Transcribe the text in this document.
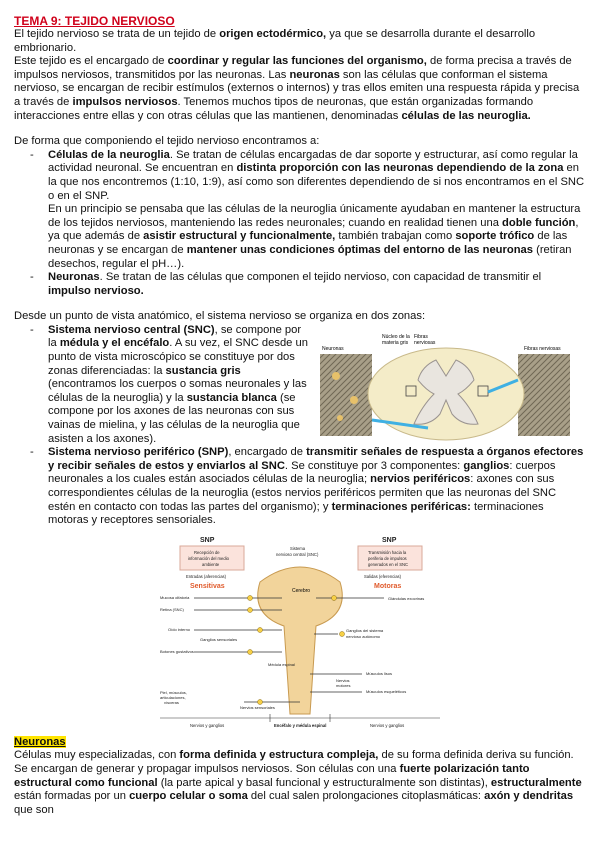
TEMA 9: TEJIDO NERVIOSO

El tejido nervioso se trata de un tejido de origen ectodérmico, ya que se desarrolla durante el desarrollo embrionario.

Este tejido es el encargado de coordinar y regular las funciones del organismo, de forma precisa a través de impulsos nerviosos, transmitidos por las neuronas. Las neuronas son las células que conforman el sistema nervioso, se encargan de recibir estímulos (externos o internos) y tras ellos emiten una respuesta rápida y precisa a través de impulsos nerviosos. Tenemos muchos tipos de neuronas, que están organizadas formando interacciones entre ellas y con otras células que las mantienen, denominadas células de las neuroglia.

De forma que componiendo el tejido nervioso encontramos a:

- Células de la neuroglia. Se tratan de células encargadas de dar soporte y estructurar, así como regular la actividad neuronal. Se encuentran en distinta proporción con las neuronas dependiendo de la zona en la que nos encontremos (1:10, 1:9), así como son diferentes dependiendo de si nos encontramos en el SNC o en el SNP.

En un principio se pensaba que las células de la neuroglia únicamente ayudaban en mantener la estructura de los tejidos nerviosos, manteniendo las redes neuronales; cuando en realidad tienen una doble función, ya que además de asistir estructural y funcionalmente, también trabajan como soporte trófico de las neuronas y se encargan de mantener unas condiciones óptimas del entorno de las neuronas (retiran desechos, regular el pH…).

- Neuronas. Se tratan de las células que componen el tejido nervioso, con capacidad de transmitir el impulso nervioso.

Desde un punto de vista anatómico, el sistema nervioso se organiza en dos zonas:

- Sistema nervioso central (SNC), se compone por la médula y el encéfalo. A su vez, el SNC desde un punto de vista microscópico se constituye por dos zonas diferenciadas: la sustancia gris (encontramos los cuerpos o somas neuronales y las células de la neuroglia) y la sustancia blanca (se compone por los axones de las neuronas con sus vainas de mielina, y las células de la neuroglia que asisten a los axones).
Núcleo de la
materia gris
Fibras
nerviosas
Neuronas	Fibras nerviosas
- Sistema nervioso periférico (SNP), encargado de transmitir señales de respuesta a órganos efectores y recibir señales de estos y enviarlos al SNC. Se constituye por 3 componentes: ganglios: cuerpos neuronales a los cuales están asociados células de la neuroglia; nervios periféricos: axones con sus correspondientes células de la neuroglia (estos nervios periféricos permiten que las neuronas del SNC estén en contacto con todas las partes del organismo); y terminaciones periféricas: terminaciones motoras y receptores sensoriales.
SNP	SNP
Sistema
nervioso central (SNC)
Recepción de
información del medio
ambiente
Transmisión hacia la
periferia de impulsos
generados en el SNC
Entradas (aferencias)	Salidas (eferencias)
Sensitivas	Motoras
Cerebro
Mucosa olfatoria
Retina (SNC)
Oído interno
Ganglios sensoriales
Botones gustativos
Médula espinal
Piel, músculos,
articulaciones,
vísceras
Nervios sensoriales
Glándulas exocrinas
Ganglios del sistema
nervioso autónomo
Músculos lisos
Nervios
motores
Músculos esqueléticos
Nervios y ganglios	Encéfalo y médula espinal	Nervios y ganglios

Neuronas

Células muy especializadas, con forma definida y estructura compleja, de su forma definida deriva su función. Se encargan de generar y propagar impulsos nerviosos. Son células con una fuerte polarización tanto estructural como funcional (la parte apical y basal funcional y estructuralmente son distintas), estructuralmente están formadas por un cuerpo celular o soma del cual salen prolongaciones citoplasmáticas: axón y dendritas que son
